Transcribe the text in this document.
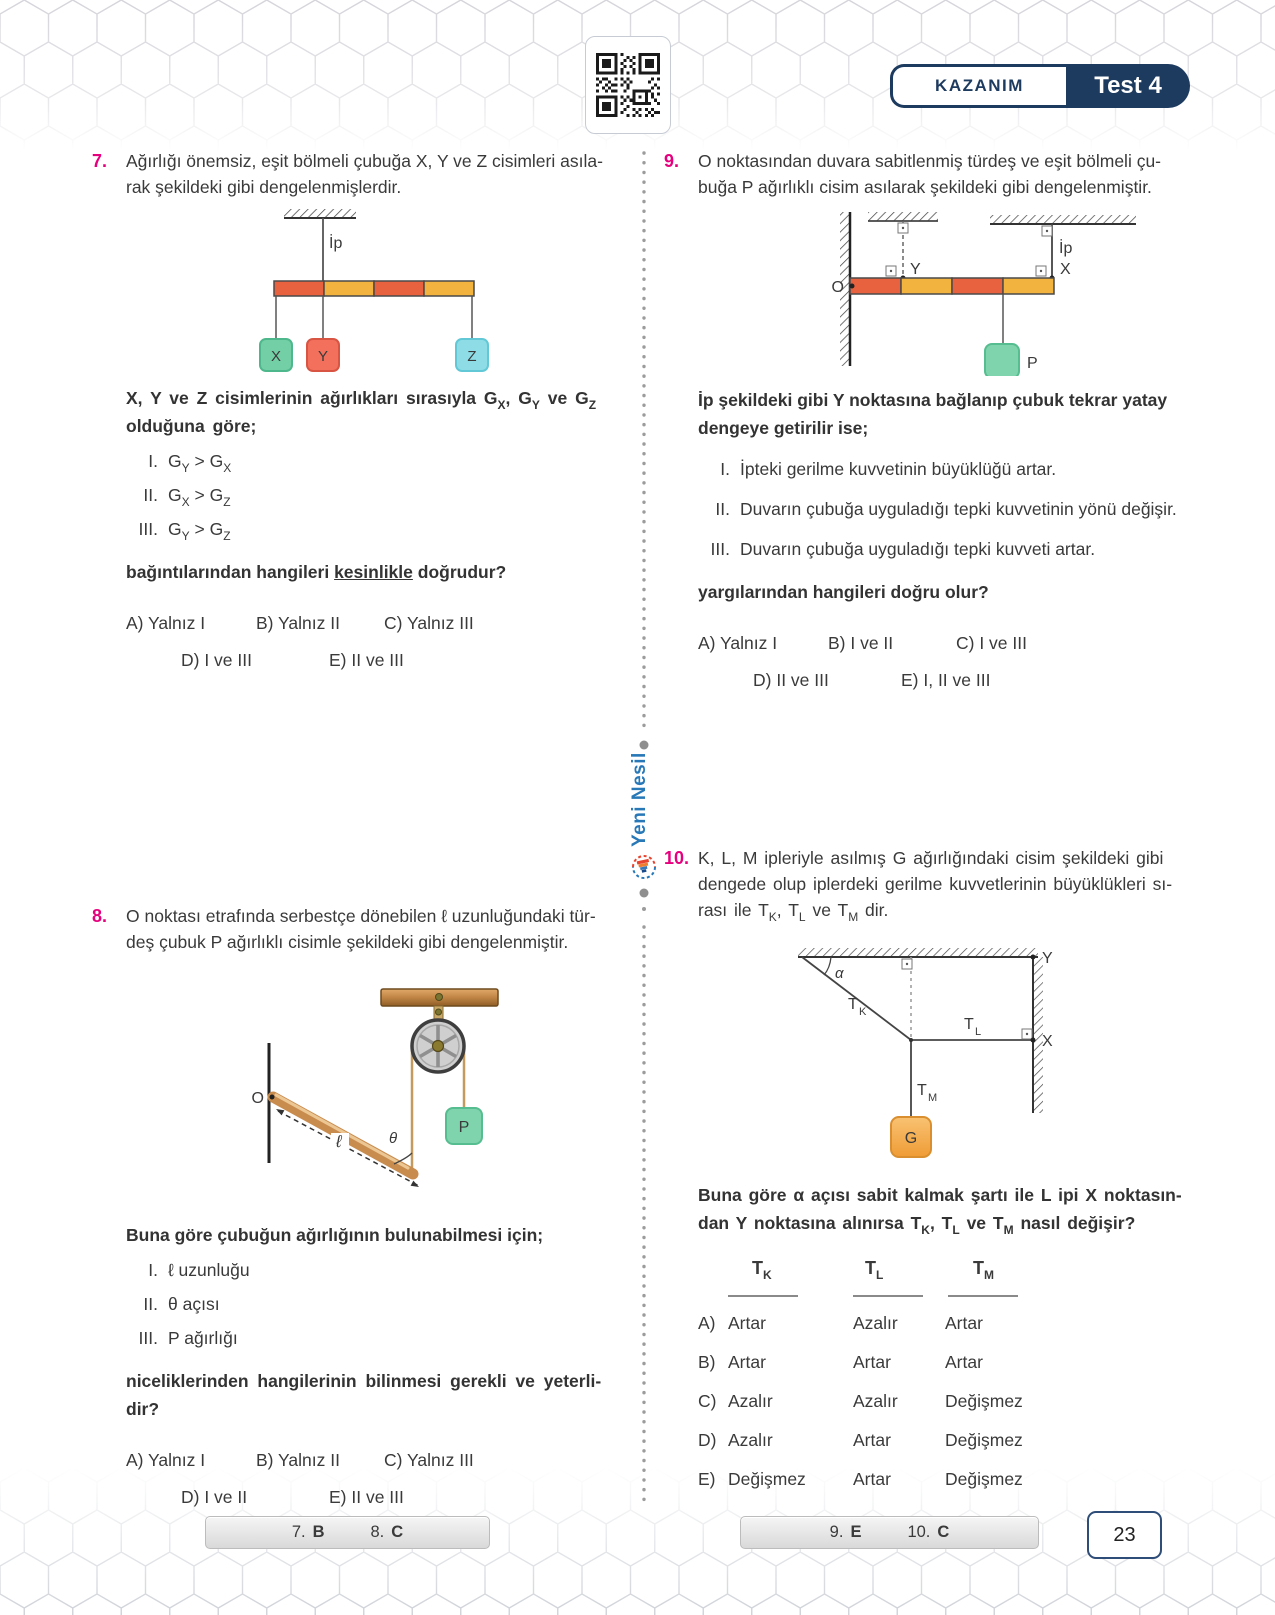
KAZANIM	Test 4
Yeni Nesil
7.	Ağırlığı önemsiz, eşit bölmeli çubuğa X, Y ve Z cisimleri asıla-
rak şekildeki gibi dengelenmişlerdir.

İp
X Y	Z

X, Y ve Z cisimlerinin ağırlıkları sırasıyla $G_X$, $G_Y$ ve $G_Z$
olduğuna göre;

I. $G_Y > G_X$
II. $G_X > G_Z$
III. $G_Y > G_Z$

bağıntılarından hangileri kesinlikle doğrudur?

A) Yalnız I	B) Yalnız II	C) Yalnız III
D) I ve III	E) II ve III
8.	O noktası etrafında serbestçe dönebilen ℓ uzunluğundaki tür-
deş çubuk P ağırlıklı cisimle şekildeki gibi dengelenmiştir.

O
ℓ	θ
P

Buna göre çubuğun ağırlığının bulunabilmesi için;

I. ℓ uzunluğu
II. θ açısı
III. P ağırlığı

niceliklerinden hangilerinin bilinmesi gerekli ve yeterli-
dir?

A) Yalnız I	B) Yalnız II	C) Yalnız III
D) I ve II	E) II ve III
9.	O noktasından duvara sabitlenmiş türdeş ve eşit bölmeli çu-
buğa P ağırlıklı cisim asılarak şekildeki gibi dengelenmiştir.

Y
İp
X
O
P

İp şekildeki gibi Y noktasına bağlanıp çubuk tekrar yatay
dengeye getirilir ise;

I. İpteki gerilme kuvvetinin büyüklüğü artar.
II. Duvarın çubuğa uyguladığı tepki kuvvetinin yönü değişir.
III. Duvarın çubuğa uyguladığı tepki kuvveti artar.

yargılarından hangileri doğru olur?

A) Yalnız I	B) I ve II	C) I ve III
D) II ve III	E) I, II ve III
10. K, L, M ipleriyle asılmış G ağırlığındaki cisim şekildeki gibi
dengede olup iplerdeki gerilme kuvvetlerinin büyüklükleri sı-
rası ile $T_K$, $T_L$ ve $T_M$ dir.

Y
α
T K
T L
X
T M
G

Buna göre α açısı sabit kalmak şartı ile L ipi X noktasın-
dan Y noktasına alınırsa $T_K$, $T_L$ ve $T_M$ nasıl değişir?

$T_K$	$T_L$	$T_M$
A) Artar	Azalır	Artar
B) Artar	Artar	Artar
C) Azalır	Azalır	Değişmez
D) Azalır	Artar	Değişmez
E) Değişmez	Artar	Değişmez
7. B	8. C	9. E	10. C	23
